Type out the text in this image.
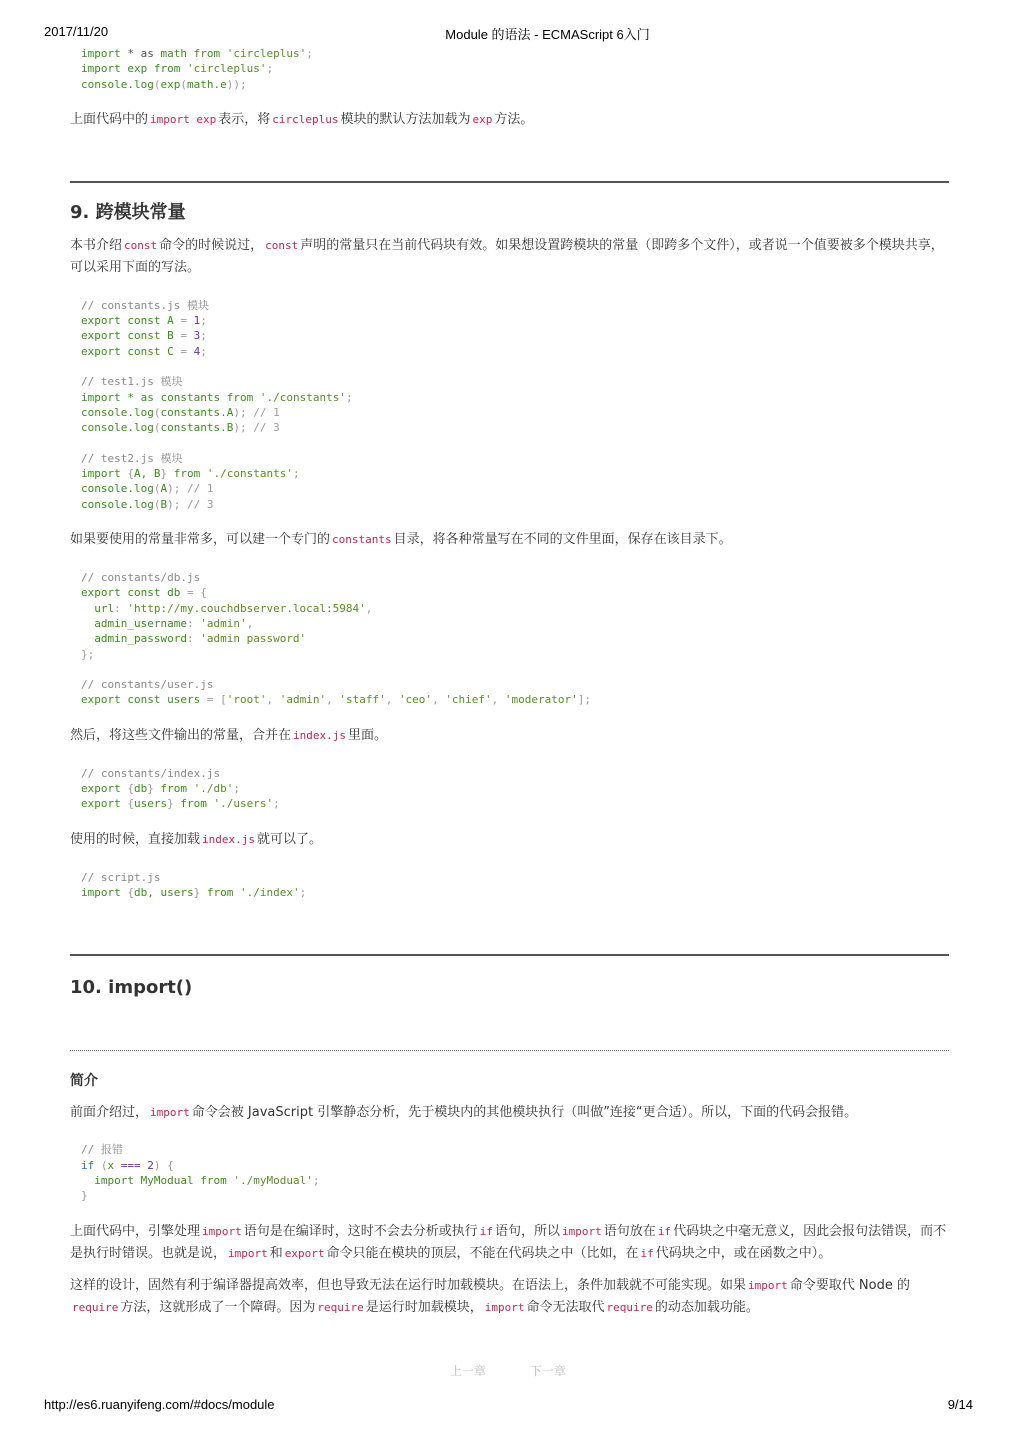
2017/11/20	Module 的语法 - ECMAScript 6入门
import * as math from 'circleplus';
import exp from 'circleplus';
console.log(exp(math.e));

上面代码中的 import exp 表示，将 circleplus 模块的默认方法加载为 exp 方法。

9. 跨模块常量

本书介绍 const 命令的时候说过， const 声明的常量只在当前代码块有效。如果想设置跨模块的常量（即跨多个文件），或者说一个值要被多个模块共享，可以采用下面的写法。

// constants.js 模块
export const A = 1;
export const B = 3;
export const C = 4;

// test1.js 模块
import * as constants from './constants';
console.log(constants.A); // 1
console.log(constants.B); // 3

// test2.js 模块
import {A, B} from './constants';
console.log(A); // 1
console.log(B); // 3

如果要使用的常量非常多，可以建一个专门的 constants 目录，将各种常量写在不同的文件里面，保存在该目录下。

// constants/db.js
export const db = {
url: 'http://my.couchdbserver.local:5984',
admin_username: 'admin',
admin_password: 'admin password'
};

// constants/user.js
export const users = ['root', 'admin', 'staff', 'ceo', 'chief', 'moderator'];

然后，将这些文件输出的常量，合并在 index.js 里面。

// constants/index.js
export {db} from './db';
export {users} from './users';

使用的时候，直接加载 index.js 就可以了。

// script.js
import {db, users} from './index';
10. import()
简介

前面介绍过， import 命令会被 JavaScript 引擎静态分析，先于模块内的其他模块执行（叫做”连接“更合适）。所以，下面的代码会报错。

// 报错
if (x === 2) {
import MyModual from './myModual';
}

上面代码中，引擎处理 import 语句是在编译时，这时不会去分析或执行 if 语句，所以 import 语句放在 if 代码块之中毫无意义，因此会报句法错误，而不是执行时错误。也就是说， import 和 export 命令只能在模块的顶层，不能在代码块之中（比如，在 if 代码块之中，或在函数之中）。

这样的设计，固然有利于编译器提高效率，但也导致无法在运行时加载模块。在语法上，条件加载就不可能实现。如果 import 命令要取代 Node 的require 方法，这就形成了一个障碍。因为 require 是运行时加载模块， import 命令无法取代 require 的动态加载功能。

上一章	下一章
http://es6.ruanyifeng.com/#docs/module	9/14
